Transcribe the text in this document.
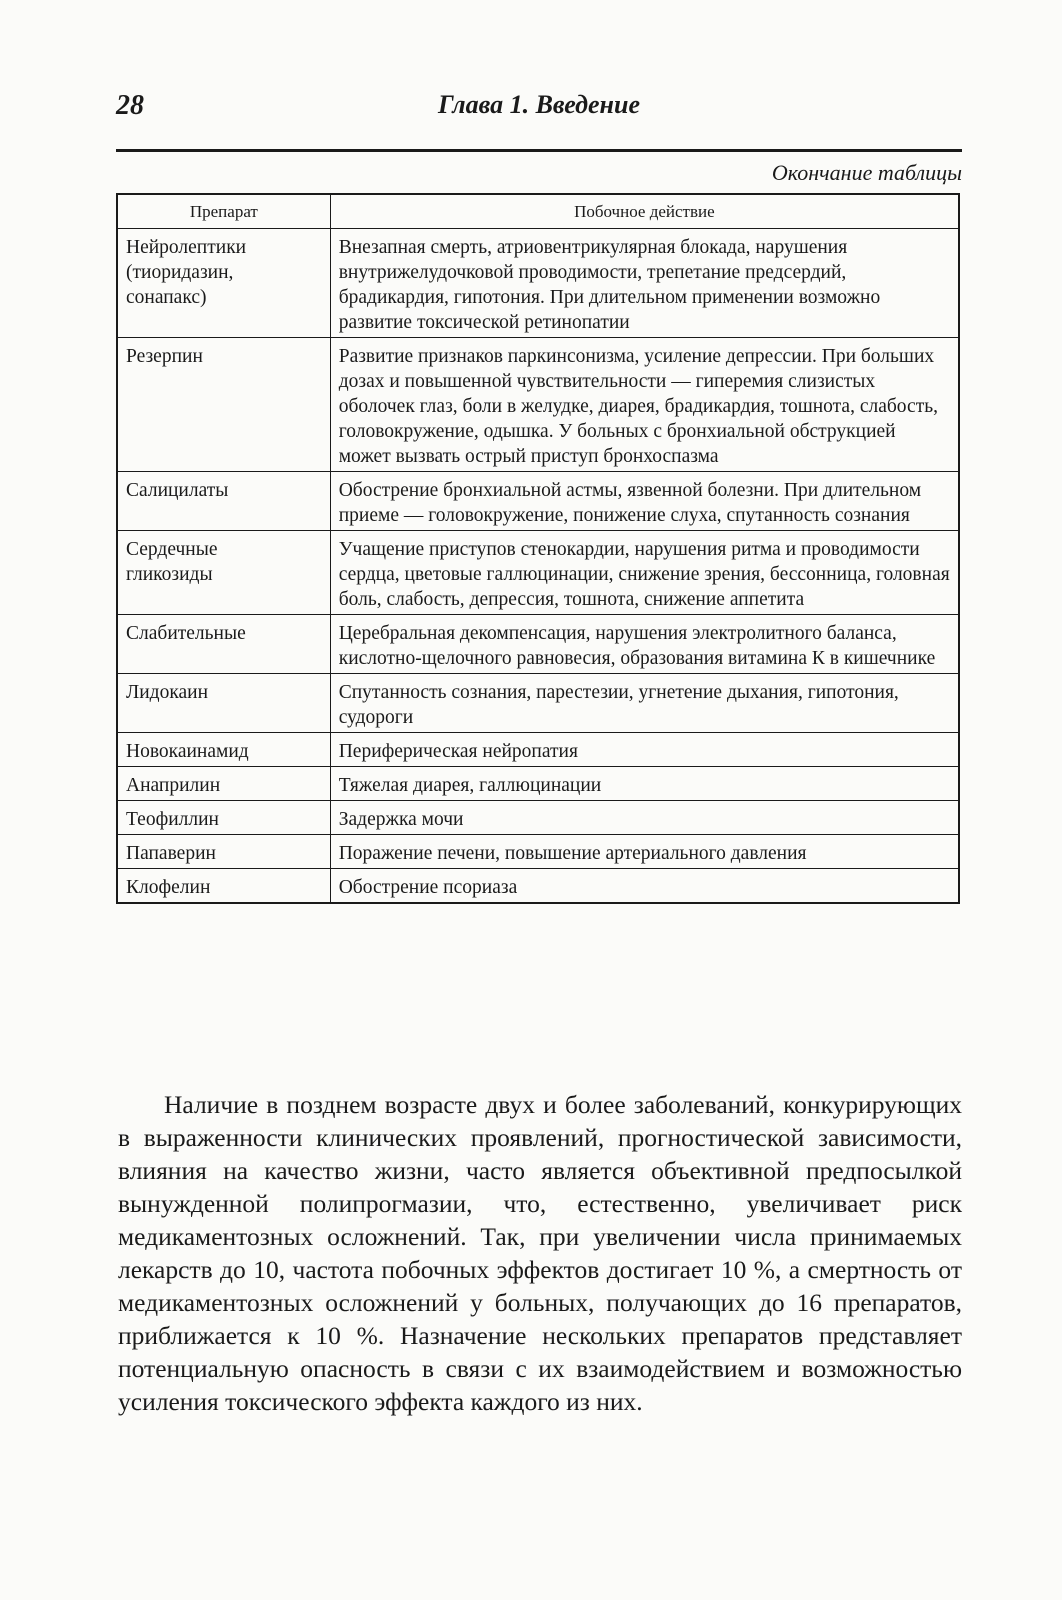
28	Глава 1. Введение
Окончание таблицы
Препарат	Побочное действие
Нейролептики (тиоридазин, сонапакс)	Внезапная смерть, атриовентрикулярная блокада, нарушения внутрижелудочковой проводимости, трепетание предсердий, брадикардия, гипотония. При длительном применении возможно развитие токсической ретинопатии
Резерпин	Развитие признаков паркинсонизма, усиление депрессии. При больших дозах и повышенной чувствительности — гиперемия слизистых оболочек глаз, боли в желудке, диарея, брадикардия, тошнота, слабость, головокружение, одышка. У больных с бронхиальной обструкцией может вызвать острый приступ бронхоспазма
Салицилаты	Обострение бронхиальной астмы, язвенной болезни. При длительном приеме — головокружение, понижение слуха, спутанность сознания
Сердечные гликозиды	Учащение приступов стенокардии, нарушения ритма и проводимости сердца, цветовые галлюцинации, снижение зрения, бессонница, головная боль, слабость, депрессия, тошнота, снижение аппетита
Слабительные	Церебральная декомпенсация, нарушения электролитного баланса, кислотно-щелочного равновесия, образования витамина К в кишечнике
Лидокаин	Спутанность сознания, парестезии, угнетение дыхания, гипотония, судороги
Новокаинамид	Периферическая нейропатия
Анаприлин	Тяжелая диарея, галлюцинации
Теофиллин	Задержка мочи
Папаверин	Поражение печени, повышение артериального давления
Клофелин	Обострение псориаза

Наличие в позднем возрасте двух и более заболеваний, конкурирующих в выраженности клинических проявлений, прогностической зависимости, влияния на качество жизни, часто является объективной предпосылкой вынужденной полипрогмазии, что, естественно, увеличивает риск медикаментозных осложнений. Так, при увеличении числа принимаемых лекарств до 10, частота побочных эффектов достигает 10 %, а смертность от медикаментозных осложнений у больных, получающих до 16 препаратов, приближается к 10 %. Назначение нескольких препаратов представляет потенциальную опасность в связи с их взаимодействием и возможностью усиления токсического эффекта каждого из них.
